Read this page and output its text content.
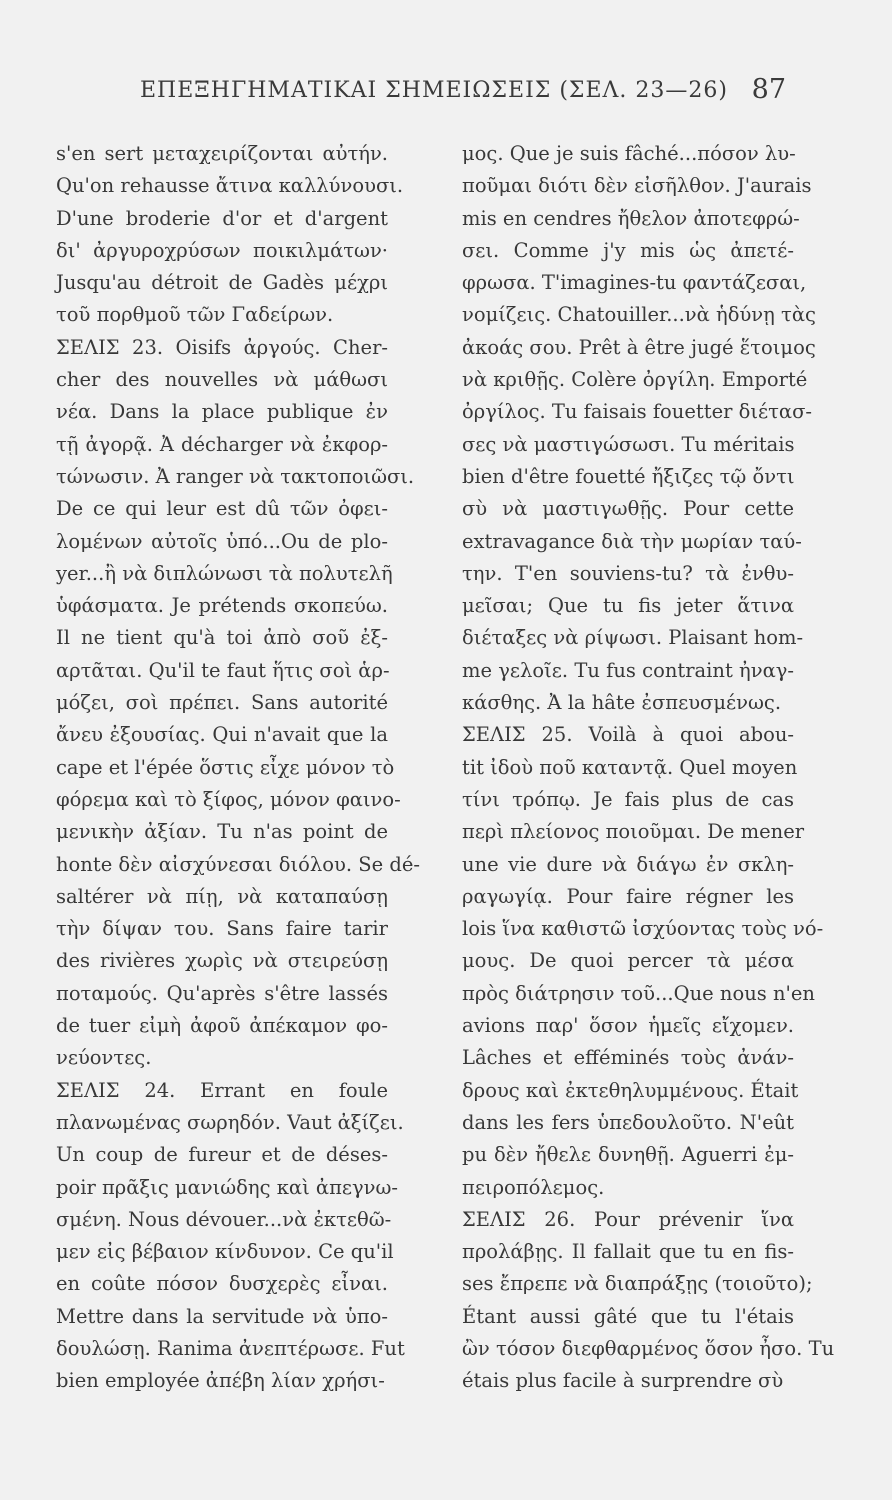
ΕΠΕΞΗΓΗΜΑΤΙΚΑΙ ΣΗΜΕΙΩΣΕΙΣ (ΣΕΛ. 23—26) 87
s'en sert μεταχειρίζονται αὐτήν.
Qu'on rehausse ἄτινα καλλύνουσι.
D'une broderie d'or et d'argent
δι' ἀργυροχρύσων ποικιλμάτων·
Jusqu'au détroit de Gadès μέχρι
τοῦ πορθμοῦ τῶν Γαδείρων.
ΣΕΛΙΣ 23. Oisifs ἀργούς. Cher-
cher des nouvelles νὰ μάθωσι
νέα. Dans la place publique ἐν
τῇ ἀγορᾷ. Ἀ décharger νὰ ἐκφορ-
τώνωσιν. Ἀ ranger νὰ τακτοποιῶσι.
De ce qui leur est dû τῶν ὀφει-
λομένων αὐτοῖς ὑπό...Ou de plo-
yer...ἢ νὰ διπλώνωσι τὰ πολυτελῆ
ὑφάσματα. Je prétends σκοπεύω.
Il ne tient qu'à toi ἀπὸ σοῦ ἐξ-
αρτᾶται. Qu'il te faut ἥτις σοὶ ἁρ-
μόζει, σοὶ πρέπει. Sans autorité
ἄνευ ἐξουσίας. Qui n'avait que la
cape et l'épée ὅστις εἶχε μόνον τὸ
φόρεμα καὶ τὸ ξίφος, μόνον φαινο-
μενικὴν ἀξίαν. Tu n'as point de
honte δὲν αἰσχύνεσαι διόλου. Se dé-
saltérer νὰ πίῃ, νὰ καταπαύσῃ
τὴν δίψαν του. Sans faire tarir
des rivières χωρὶς νὰ στειρεύσῃ
ποταμούς. Qu'après s'être lassés
de tuer εἰμὴ ἀφοῦ ἀπέκαμον φο-
νεύοντες.
ΣΕΛΙΣ 24. Errant en foule
πλανωμένας σωρηδόν. Vaut ἀξίζει.
Un coup de fureur et de déses-
poir πρᾶξις μανιώδης καὶ ἀπεγνω-
σμένη. Nous dévouer...νὰ ἐκτεθῶ-
μεν εἰς βέβαιον κίνδυνον. Ce qu'il
en coûte πόσον δυσχερὲς εἶναι.
Mettre dans la servitude νὰ ὑπο-
δουλώσῃ. Ranima ἀνεπτέρωσε. Fut
bien employée ἀπέβη λίαν χρήσι-
μος. Que je suis fâché...πόσον λυ-
ποῦμαι διότι δὲν εἰσῆλθον. J'aurais
mis en cendres ἤθελον ἀποτεφρώ-
σει. Comme j'y mis ὡς ἀπετέ-
φρωσα. T'imagines-tu φαντάζεσαι,
νομίζεις. Chatouiller...νὰ ἡδύνῃ τὰς
ἀκοάς σου. Prêt à être jugé ἕτοιμος
νὰ κριθῇς. Colère ὀργίλη. Emporté
ὀργίλος. Tu faisais fouetter διέτασ-
σες νὰ μαστιγώσωσι. Tu méritais
bien d'être fouetté ἤξιζες τῷ ὄντι
σὺ νὰ μαστιγωθῇς. Pour cette
extravagance διὰ τὴν μωρίαν ταύ-
την. T'en souviens-tu? τὰ ἐνθυ-
μεῖσαι; Que tu fis jeter ἅτινα
διέταξες νὰ ρίψωσι. Plaisant hom-
me γελοῖε. Tu fus contraint ἠναγ-
κάσθης. Ἀ la hâte ἐσπευσμένως.
ΣΕΛΙΣ 25. Voilà à quoi abou-
tit ἰδοὺ ποῦ καταντᾷ. Quel moyen
τίνι τρόπῳ. Je fais plus de cas
περὶ πλείονος ποιοῦμαι. De mener
une vie dure νὰ διάγω ἐν σκλη-
ραγωγίᾳ. Pour faire régner les
lois ἵνα καθιστῶ ἰσχύοντας τοὺς νό-
μους. De quoi percer τὰ μέσα
πρὸς διάτρησιν τοῦ...Que nous n'en
avions παρ' ὅσον ἡμεῖς εἴχομεν.
Lâches et efféminés τοὺς ἀνάν-
δρους καὶ ἐκτεθηλυμμένους. Était
dans les fers ὑπεδουλοῦτο. N'eût
pu δὲν ἤθελε δυνηθῇ. Aguerri ἐμ-
πειροπόλεμος.
ΣΕΛΙΣ 26. Pour prévenir ἵνα
προλάβῃς. Il fallait que tu en fis-
ses ἔπρεπε νὰ διαπράξῃς (τοιοῦτο);
Étant aussi gâté que tu l'étais
ὢν τόσον διεφθαρμένος ὅσον ἦσο. Tu
étais plus facile à surprendre σὺ
